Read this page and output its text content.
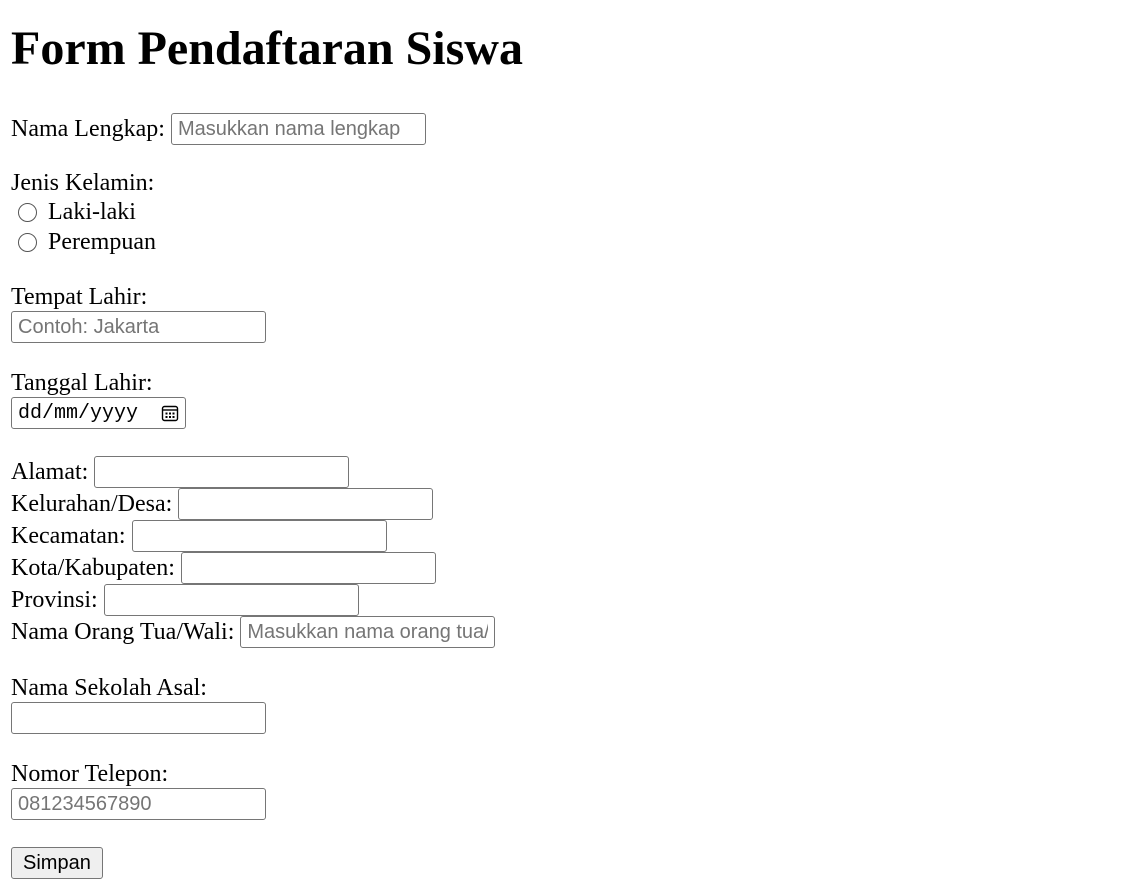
Form Pendaftaran Siswa
Nama Lengkap:
Masukkan nama lengkap
Jenis Kelamin:
Laki-laki
Perempuan
Tempat Lahir:
Contoh: Jakarta
Tanggal Lahir:
dd/mm/yyyy
Alamat:
Kelurahan/Desa:
Kecamatan:
Kota/Kabupaten:
Provinsi:
Nama Orang Tua/Wali:
Masukkan nama orang tua/
Nama Sekolah Asal:
Nomor Telepon:
081234567890
Simpan
